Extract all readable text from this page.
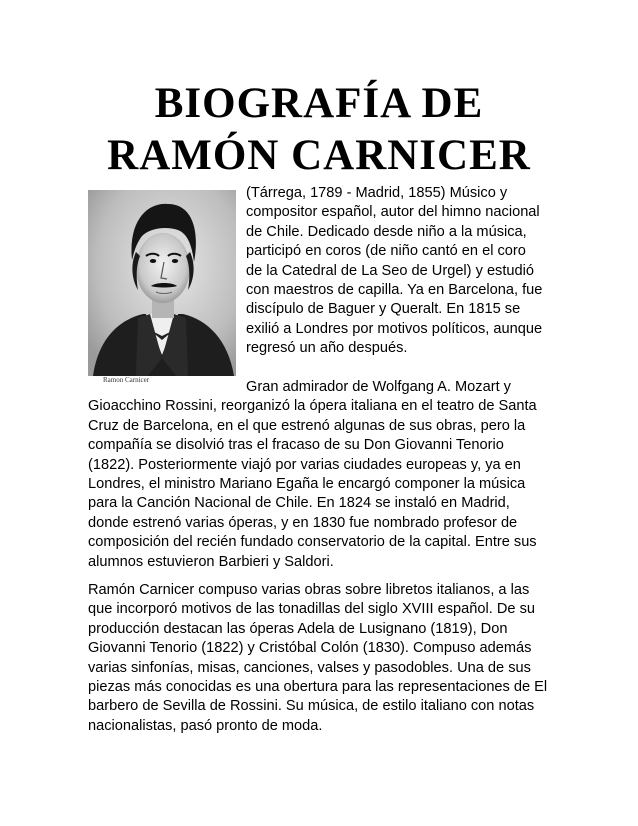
BIOGRAFÍA DE
RAMÓN CARNICER
Ramon Carnicer

(Tárrega, 1789 - Madrid, 1855) Músico y compositor español, autor del himno nacional de Chile. Dedicado desde niño a la música, participó en coros (de niño cantó en el coro de la Catedral de La Seo de Urgel) y estudió con maestros de capilla. Ya en Barcelona, fue discípulo de Baguer y Queralt. En 1815 se exilió a Londres por motivos políticos, aunque regresó un año después.

Gran admirador de Wolfgang A. Mozart y Gioacchino Rossini, reorganizó la ópera italiana en el teatro de Santa Cruz de Barcelona, en el que estrenó algunas de sus obras, pero la compañía se disolvió tras el fracaso de su Don Giovanni Tenorio (1822). Posteriormente viajó por varias ciudades europeas y, ya en Londres, el ministro Mariano Egaña le encargó componer la música para la Canción Nacional de Chile. En 1824 se instaló en Madrid, donde estrenó varias óperas, y en 1830 fue nombrado profesor de composición del recién fundado conservatorio de la capital. Entre sus alumnos estuvieron Barbieri y Saldori.

Ramón Carnicer compuso varias obras sobre libretos italianos, a las que incorporó motivos de las tonadillas del siglo XVIII español. De su producción destacan las óperas Adela de Lusignano (1819), Don Giovanni Tenorio (1822) y Cristóbal Colón (1830). Compuso además varias sinfonías, misas, canciones, valses y pasodobles. Una de sus piezas más conocidas es una obertura para las representaciones de El barbero de Sevilla de Rossini. Su música, de estilo italiano con notas nacionalistas, pasó pronto de moda.
